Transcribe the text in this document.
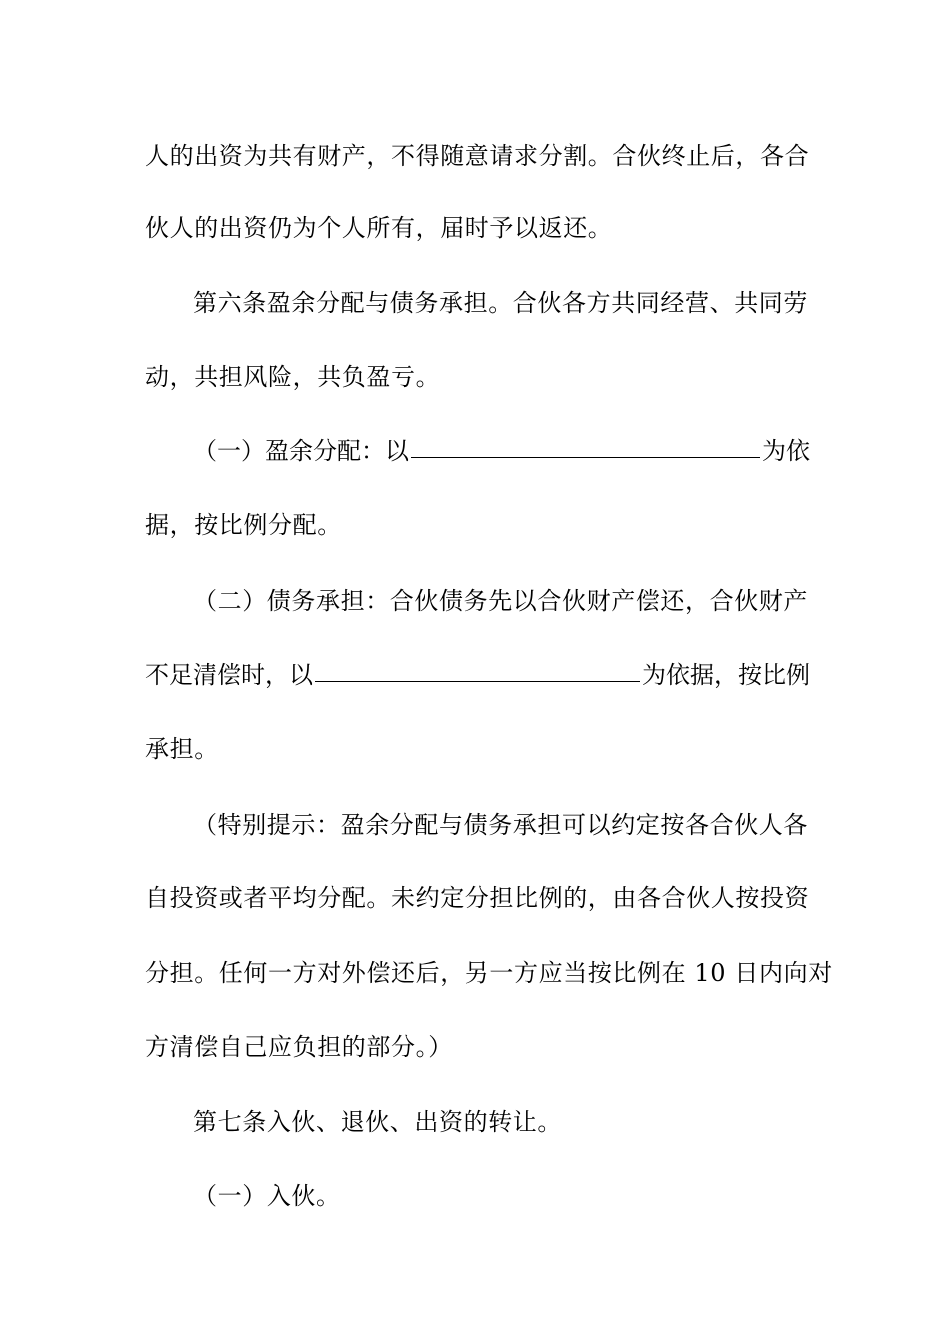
人的出资为共有财产，不得随意请求分割。合伙终止后，各合
伙人的出资仍为个人所有，届时予以返还。
第六条盈余分配与债务承担。合伙各方共同经营、共同劳
动，共担风险，共负盈亏。
（一）盈余分配：以	为依
据，按比例分配。
（二）债务承担：合伙债务先以合伙财产偿还，合伙财产
不足清偿时，以	为依据，按比例
承担。
（特别提示：盈余分配与债务承担可以约定按各合伙人各
自投资或者平均分配。未约定分担比例的，由各合伙人按投资
分担。任何一方对外偿还后，另一方应当按比例在 10 日内向对
方清偿自己应负担的部分。）
第七条入伙、退伙、出资的转让。
（一）入伙。
